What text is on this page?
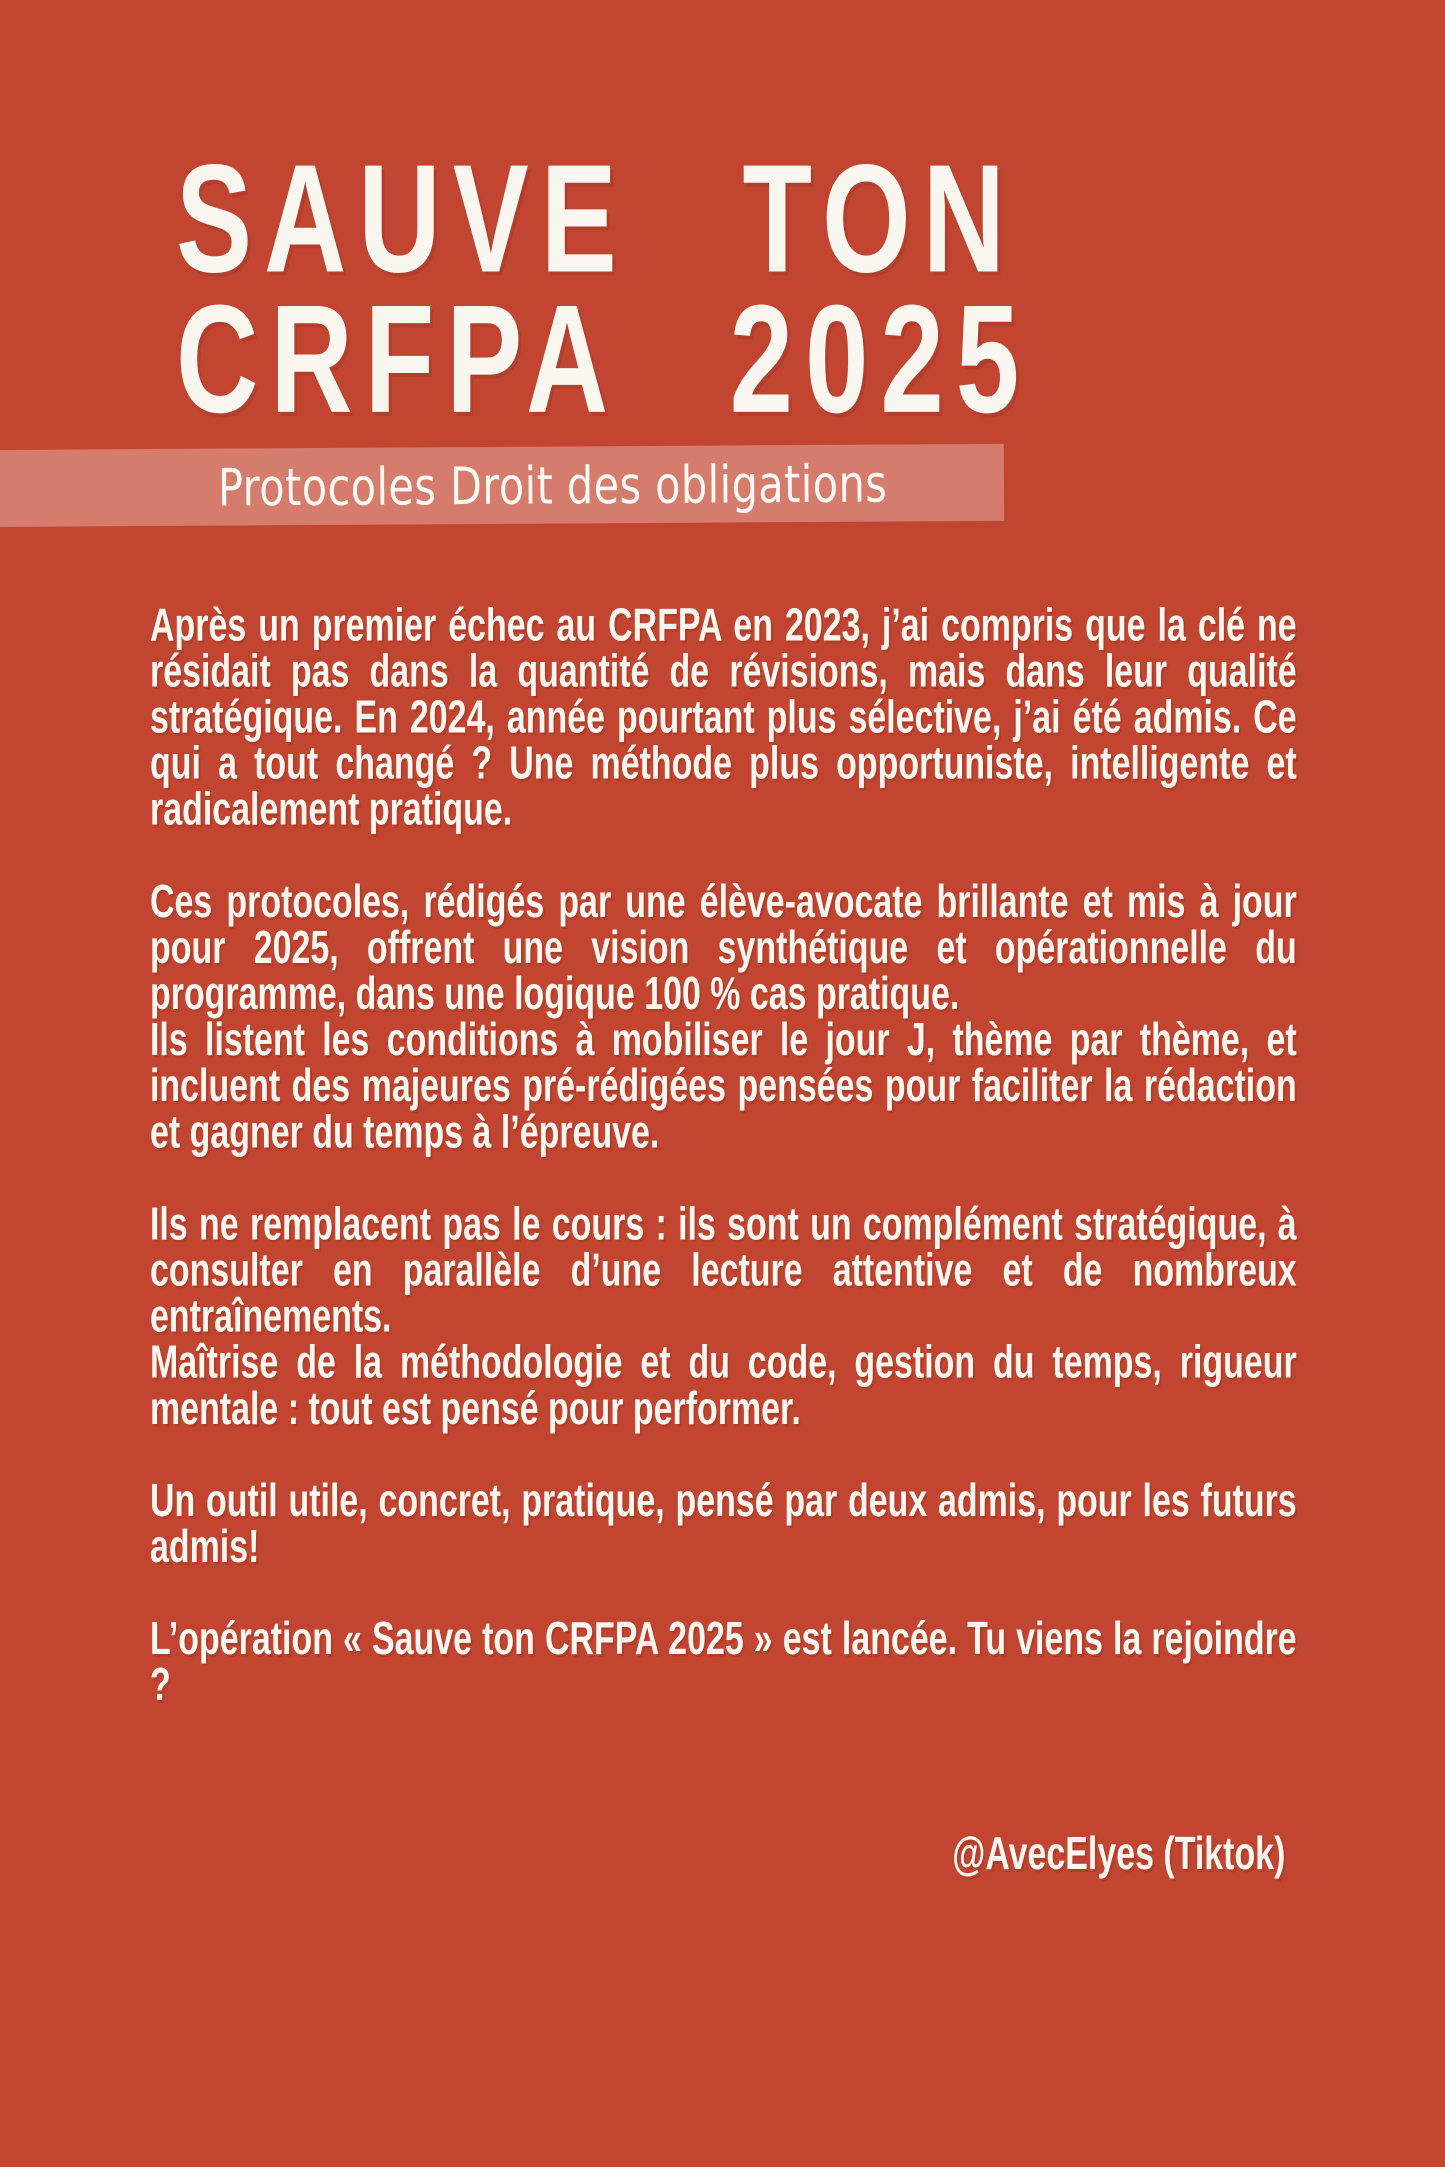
SAUVE TON
CRFPA 2025
Protocoles Droit des obligations
Après un premier échec au CRFPA en 2023, j’ai compris que la clé ne résidait pas dans la quantité de révisions, mais dans leur qualité stratégique. En 2024, année pourtant plus sélective, j’ai été admis. Ce qui a tout changé ? Une méthode plus opportuniste, intelligente et radicalement pratique.
Ces protocoles, rédigés par une élève-avocate brillante et mis à jour pour 2025, offrent une vision synthétique et opérationnelle du programme, dans une logique 100 % cas pratique.
Ils listent les conditions à mobiliser le jour J, thème par thème, et incluent des majeures pré-rédigées pensées pour faciliter la rédaction et gagner du temps à l’épreuve.
Ils ne remplacent pas le cours : ils sont un complément stratégique, à consulter en parallèle d’une lecture attentive et de nombreux entraînements.
Maîtrise de la méthodologie et du code, gestion du temps, rigueur mentale : tout est pensé pour performer.
Un outil utile, concret, pratique, pensé par deux admis, pour les futurs admis!
L’opération « Sauve ton CRFPA 2025 » est lancée. Tu viens la rejoindre ?
@AvecElyes (Tiktok)
